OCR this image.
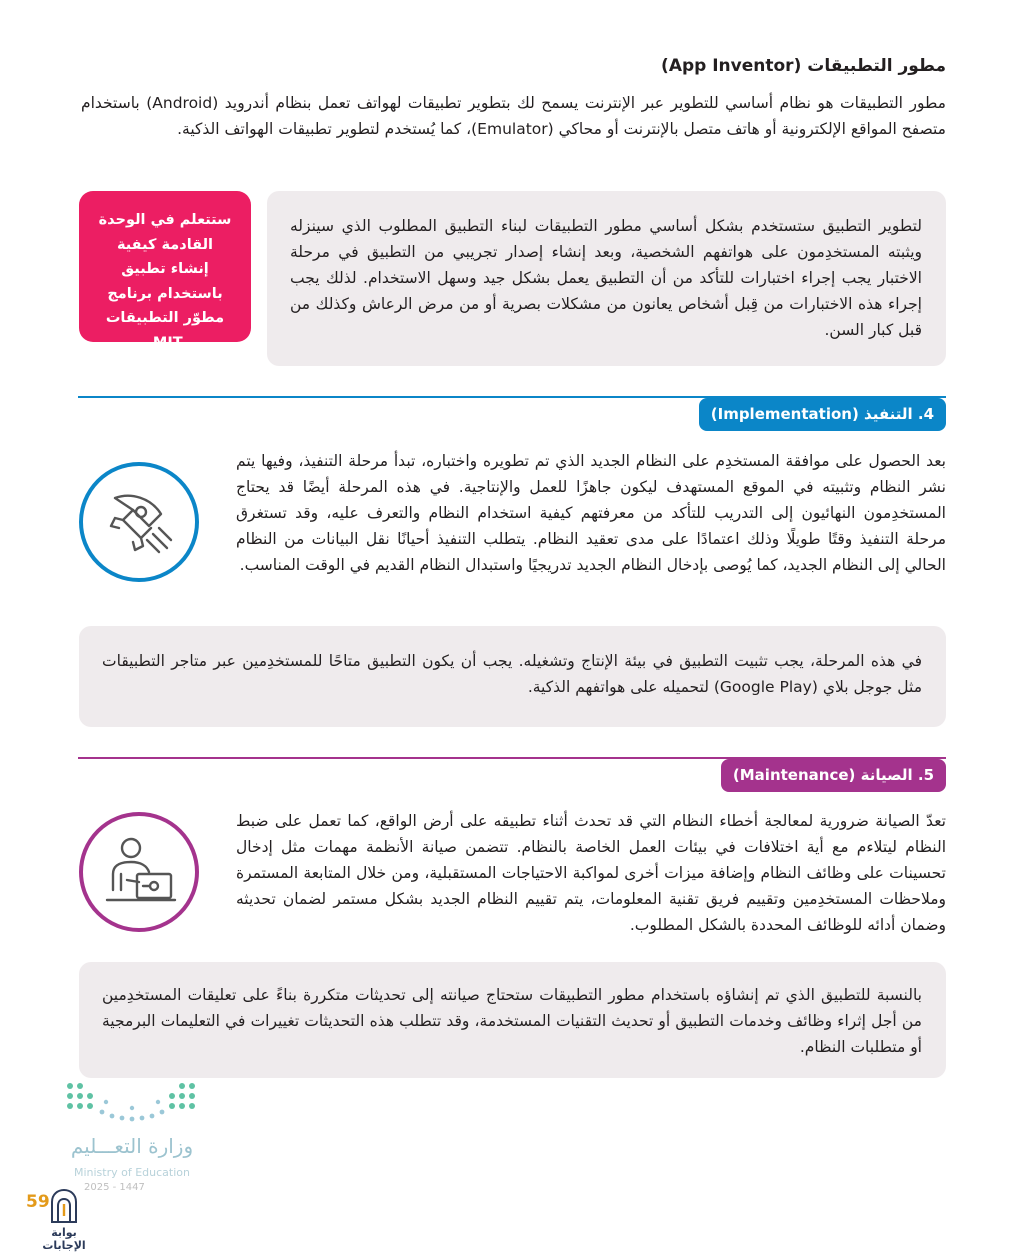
مطور التطبيقات (App Inventor)
مطور التطبيقات هو نظام أساسي للتطوير عبر الإنترنت يسمح لك بتطوير تطبيقات لهواتف تعمل بنظام أندرويد (Android) باستخدام متصفح المواقع الإلكترونية أو هاتف متصل بالإنترنت أو محاكي (Emulator)، كما يُستخدم لتطوير تطبيقات الهواتف الذكية.
لتطوير التطبيق ستستخدم بشكل أساسي مطور التطبيقات لبناء التطبيق المطلوب الذي سينزله ويثبته المستخدِمون على هواتفهم الشخصية، وبعد إنشاء إصدار تجريبي من التطبيق في مرحلة الاختبار يجب إجراء اختبارات للتأكد من أن التطبيق يعمل بشكل جيد وسهل الاستخدام. لذلك يجب إجراء هذه الاختبارات من قِبل أشخاص يعانون من مشكلات بصرية أو من مرض الرعاش وكذلك من قبل كبار السن.
ستتعلم في الوحدة القادمة كيفية إنشاء تطبيق باستخدام برنامج مطوّر التطبيقات MIT.
4. التنفيذ (Implementation)
بعد الحصول على موافقة المستخدِم على النظام الجديد الذي تم تطويره واختباره، تبدأ مرحلة التنفيذ، وفيها يتم نشر النظام وتثبيته في الموقع المستهدف ليكون جاهزًا للعمل والإنتاجية. في هذه المرحلة أيضًا قد يحتاج المستخدِمون النهائيون إلى التدريب للتأكد من معرفتهم كيفية استخدام النظام والتعرف عليه، وقد تستغرق مرحلة التنفيذ وقتًا طويلًا وذلك اعتمادًا على مدى تعقيد النظام. يتطلب التنفيذ أحيانًا نقل البيانات من النظام الحالي إلى النظام الجديد، كما يُوصى بإدخال النظام الجديد تدريجيًا واستبدال النظام القديم في الوقت المناسب.
في هذه المرحلة، يجب تثبيت التطبيق في بيئة الإنتاج وتشغيله. يجب أن يكون التطبيق متاحًا للمستخدِمين عبر متاجر التطبيقات مثل جوجل بلاي (Google Play) لتحميله على هواتفهم الذكية.
5. الصيانة (Maintenance)
تعدّ الصيانة ضرورية لمعالجة أخطاء النظام التي قد تحدث أثناء تطبيقه على أرض الواقع، كما تعمل على ضبط النظام ليتلاءم مع أية اختلافات في بيئات العمل الخاصة بالنظام. تتضمن صيانة الأنظمة مهمات مثل إدخال تحسينات على وظائف النظام وإضافة ميزات أخرى لمواكبة الاحتياجات المستقبلية، ومن خلال المتابعة المستمرة وملاحظات المستخدِمين وتقييم فريق تقنية المعلومات، يتم تقييم النظام الجديد بشكل مستمر لضمان تحديثه وضمان أدائه للوظائف المحددة بالشكل المطلوب.
بالنسبة للتطبيق الذي تم إنشاؤه باستخدام مطور التطبيقات ستحتاج صيانته إلى تحديثات متكررة بناءً على تعليقات المستخدِمين من أجل إثراء وظائف وخدمات التطبيق أو تحديث التقنيات المستخدمة، وقد تتطلب هذه التحديثات تغييرات في التعليمات البرمجية أو متطلبات النظام.
وزارة التعـــليم
Ministry of Education
2025 - 1447
59
بوابة الإجابات
